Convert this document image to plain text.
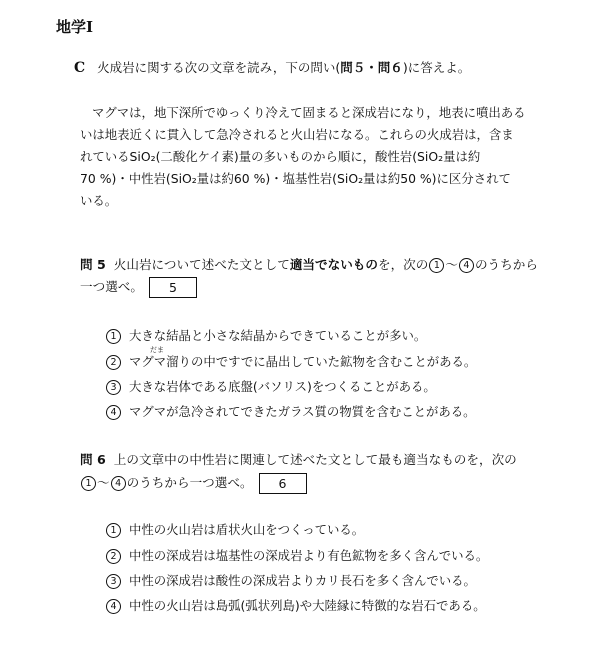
地学Ⅰ
C 火成岩に関する次の文章を読み，下の問い(問５・問６)に答えよ。
マグマは，地下深所でゆっくり冷えて固まると深成岩になり，地表に噴出ある
いは地表近くに貫入して急冷されると火山岩になる。これらの火成岩は，含ま
れているSiO₂(二酸化ケイ素)量の多いものから順に，酸性岩(SiO₂量は約
70 %)・中性岩(SiO₂量は約60 %)・塩基性岩(SiO₂量は約50 %)に区分されて
いる。
問 5 火山岩について述べた文として適当でないものを，次の 1 〜 4 のうちから
一つ選べ。 5
1 大きな結晶と小さな結晶からできていることが多い。
だま
2 マグマ溜りの中ですでに晶出していた鉱物を含むことがある。
3 大きな岩体である底盤(バソリス)をつくることがある。
4 マグマが急冷されてできたガラス質の物質を含むことがある。
問 6 上の文章中の中性岩に関連して述べた文として最も適当なものを，次の
1 〜 4 のうちから一つ選べ。 6
1 中性の火山岩は盾状火山をつくっている。
2 中性の深成岩は塩基性の深成岩より有色鉱物を多く含んでいる。
3 中性の深成岩は酸性の深成岩よりカリ長石を多く含んでいる。
4 中性の火山岩は島弧(弧状列島)や大陸縁に特徴的な岩石である。
